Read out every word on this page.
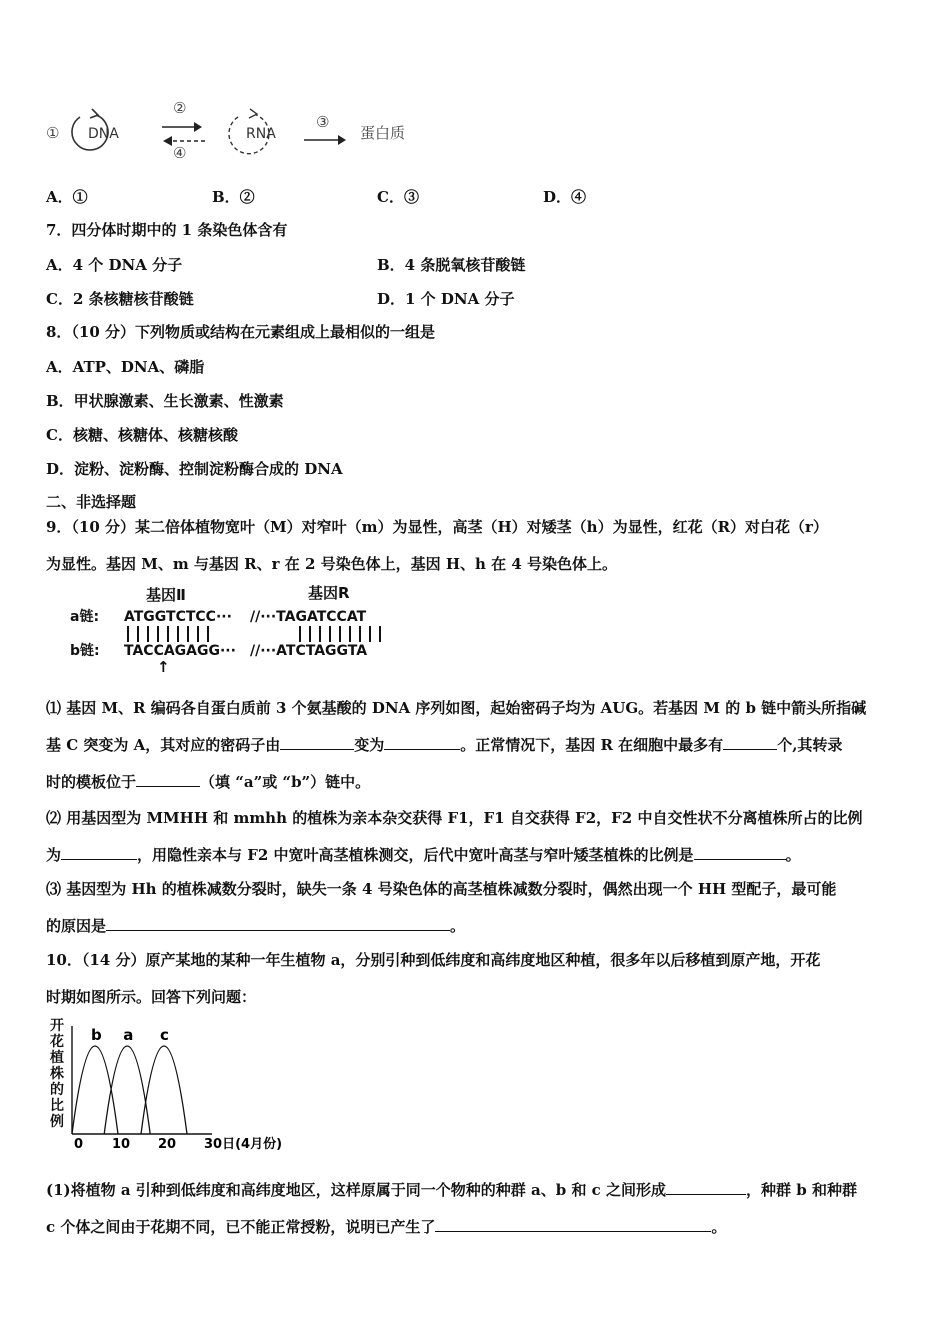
① DNA
②
④
RNA
③
蛋白质
A．①	B．②	C．③	D．④
7．四分体时期中的 1 条染色体含有
A．4 个 DNA 分子	B．4 条脱氧核苷酸链
C．2 条核糖核苷酸链	D．1 个 DNA 分子
8．（10 分）下列物质或结构在元素组成上最相似的一组是
A．ATP、DNA、磷脂
B．甲状腺激素、生长激素、性激素
C．核糖、核糖体、核糖核酸
D．淀粉、淀粉酶、控制淀粉酶合成的 DNA
二、非选择题
9．（10 分）某二倍体植物宽叶（M）对窄叶（m）为显性，高茎（H）对矮茎（h）为显性，红花（R）对白花（r）
为显性。基因 M、m 与基因 R、r 在 2 号染色体上，基因 H、h 在 4 号染色体上。
基因Ⅱ	基因R
a链: ATGGTCTCC··· //···TAGATCCAT
b链: TACCAGAGG··· //···ATCTAGGTA
↑
⑴ 基因 M、R 编码各自蛋白质前 3 个氨基酸的 DNA 序列如图，起始密码子均为 AUG。若基因 M 的 b 链中箭头所指碱
基 C 突变为 A，其对应的密码子由	变为	。正常情况下，基因 R 在细胞中最多有	个,其转录
时的模板位于	（填 “a”或 “b”）链中。
⑵ 用基因型为 MMHH 和 mmhh 的植株为亲本杂交获得 F1，F1 自交获得 F2，F2 中自交性状不分离植株所占的比例
为	，用隐性亲本与 F2 中宽叶高茎植株测交，后代中宽叶高茎与窄叶矮茎植株的比例是	。
⑶ 基因型为 Hh 的植株减数分裂时，缺失一条 4 号染色体的高茎植株减数分裂时，偶然出现一个 HH 型配子，最可能
的原因是	。
10．（14 分）原产某地的某种一年生植物 a，分别引种到低纬度和高纬度地区种植，很多年以后移植到原产地，开花
时期如图所示。回答下列问题：
开花植株的比例
b a c
0 10 20 30日(4月份)
(1)将植物 a 引种到低纬度和高纬度地区，这样原属于同一个物种的种群 a、b 和 c 之间形成	，种群 b 和种群
c 个体之间由于花期不同，已不能正常授粉，说明已产生了	。
